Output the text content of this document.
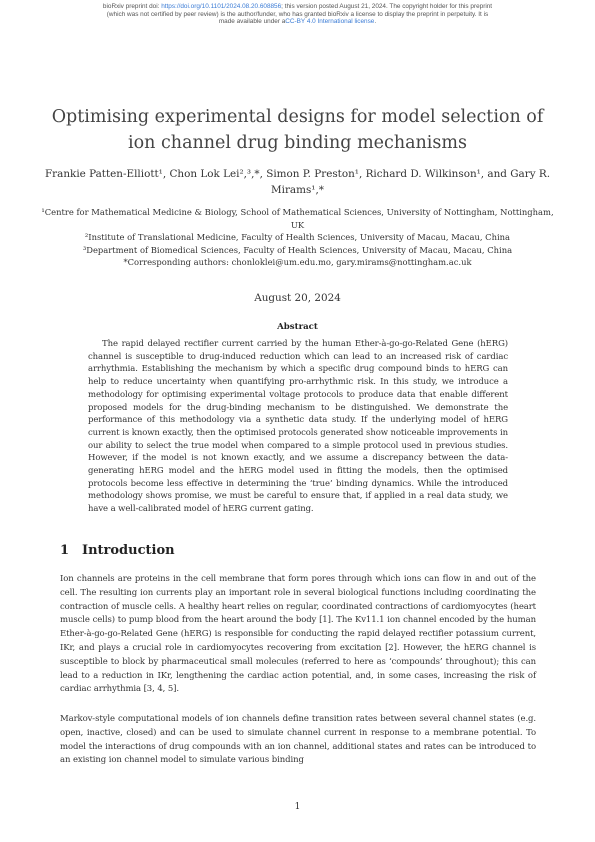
bioRxiv preprint doi: https://doi.org/10.1101/2024.08.20.608856; this version posted August 21, 2024. The copyright holder for this preprint
(which was not certified by peer review) is the author/funder, who has granted bioRxiv a license to display the preprint in perpetuity. It is
made available under aCC-BY 4.0 International license.
Optimising experimental designs for model selection of ion channel drug binding mechanisms
Frankie Patten-Elliott¹, Chon Lok Lei²,³,*, Simon P. Preston¹, Richard D. Wilkinson¹, and Gary R. Mirams¹,*
¹Centre for Mathematical Medicine & Biology, School of Mathematical Sciences, University of Nottingham, Nottingham, UK
²Institute of Translational Medicine, Faculty of Health Sciences, University of Macau, Macau, China
³Department of Biomedical Sciences, Faculty of Health Sciences, University of Macau, Macau, China
*Corresponding authors: chonloklei@um.edu.mo, gary.mirams@nottingham.ac.uk
August 20, 2024
Abstract

The rapid delayed rectifier current carried by the human Ether-à-go-go-Related Gene (hERG) channel is susceptible to drug-induced reduction which can lead to an increased risk of cardiac arrhythmia. Establishing the mechanism by which a specific drug compound binds to hERG can help to reduce uncertainty when quantifying pro-arrhythmic risk. In this study, we introduce a methodology for optimising experimental voltage protocols to produce data that enable different proposed models for the drug-binding mechanism to be distinguished. We demonstrate the performance of this methodology via a synthetic data study. If the underlying model of hERG current is known exactly, then the optimised protocols generated show noticeable improvements in our ability to select the true model when compared to a simple protocol used in previous studies. However, if the model is not known exactly, and we assume a discrepancy between the data-generating hERG model and the hERG model used in fitting the models, then the optimised protocols become less effective in determining the ‘true’ binding dynamics. While the introduced methodology shows promise, we must be careful to ensure that, if applied in a real data study, we have a well-calibrated model of hERG current gating.

1 Introduction

Ion channels are proteins in the cell membrane that form pores through which ions can flow in and out of the cell. The resulting ion currents play an important role in several biological functions including coordinating the contraction of muscle cells. A healthy heart relies on regular, coordinated contractions of cardiomyocytes (heart muscle cells) to pump blood from the heart around the body [1]. The Kv11.1 ion channel encoded by the human Ether-à-go-go-Related Gene (hERG) is responsible for conducting the rapid delayed rectifier potassium current, IKr, and plays a crucial role in cardiomyocytes recovering from excitation [2]. However, the hERG channel is susceptible to block by pharmaceutical small molecules (referred to here as ‘compounds’ throughout); this can lead to a reduction in IKr, lengthening the cardiac action potential, and, in some cases, increasing the risk of cardiac arrhythmia [3, 4, 5].

Markov-style computational models of ion channels define transition rates between several channel states (e.g. open, inactive, closed) and can be used to simulate channel current in response to a membrane potential. To model the interactions of drug compounds with an ion channel, additional states and rates can be introduced to an existing ion channel model to simulate various binding

1
